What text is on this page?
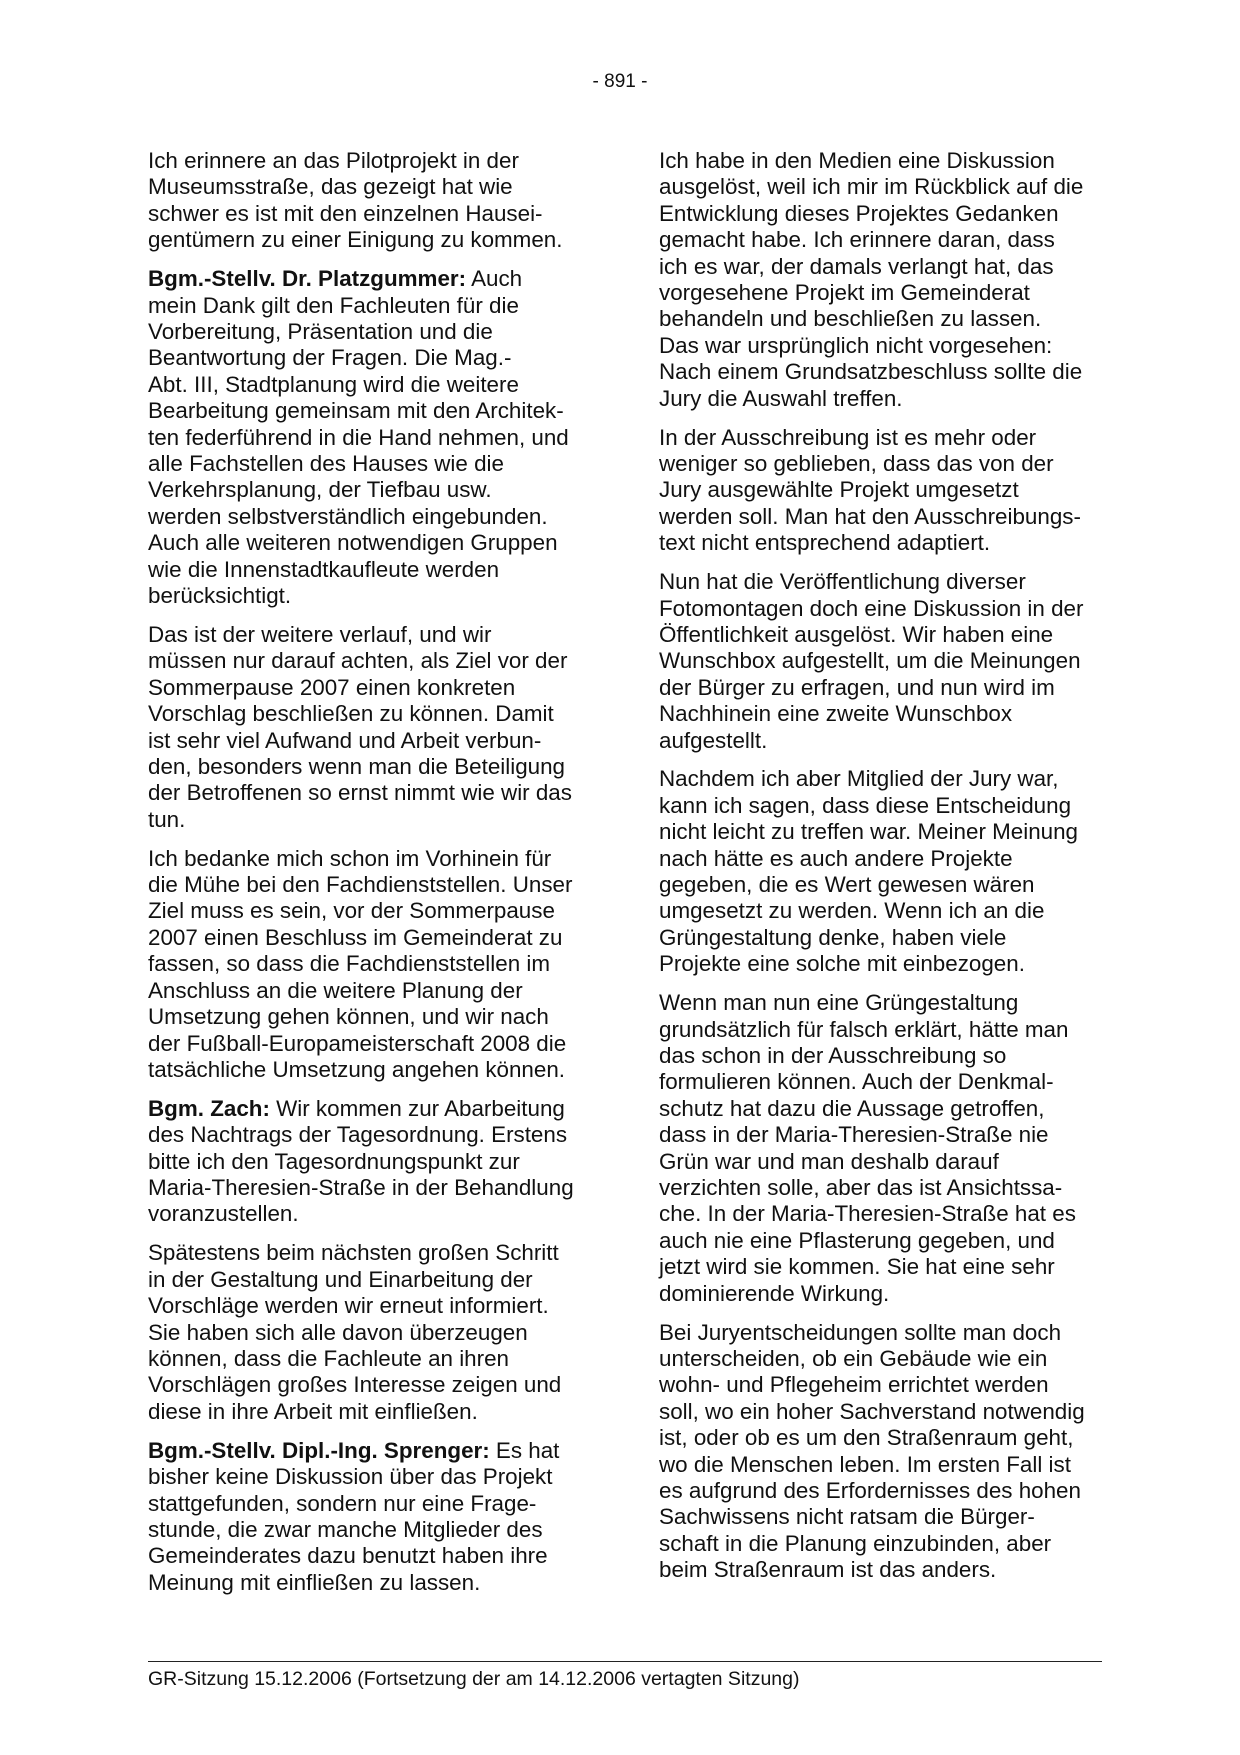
- 891 -
Ich erinnere an das Pilotprojekt in der
Museumsstraße, das gezeigt hat wie
schwer es ist mit den einzelnen Hausei-
gentümern zu einer Einigung zu kommen.
Bgm.-Stellv. Dr. Platzgummer: Auch
mein Dank gilt den Fachleuten für die
Vorbereitung, Präsentation und die
Beantwortung der Fragen. Die Mag.-
Abt. III, Stadtplanung wird die weitere
Bearbeitung gemeinsam mit den Architek-
ten federführend in die Hand nehmen, und
alle Fachstellen des Hauses wie die
Verkehrsplanung, der Tiefbau usw.
werden selbstverständlich eingebunden.
Auch alle weiteren notwendigen Gruppen
wie die Innenstadtkaufleute werden
berücksichtigt.
Das ist der weitere verlauf, und wir
müssen nur darauf achten, als Ziel vor der
Sommerpause 2007 einen konkreten
Vorschlag beschließen zu können. Damit
ist sehr viel Aufwand und Arbeit verbun-
den, besonders wenn man die Beteiligung
der Betroffenen so ernst nimmt wie wir das
tun.
Ich bedanke mich schon im Vorhinein für
die Mühe bei den Fachdienststellen. Unser
Ziel muss es sein, vor der Sommerpause
2007 einen Beschluss im Gemeinderat zu
fassen, so dass die Fachdienststellen im
Anschluss an die weitere Planung der
Umsetzung gehen können, und wir nach
der Fußball-Europameisterschaft 2008 die
tatsächliche Umsetzung angehen können.
Bgm. Zach: Wir kommen zur Abarbeitung
des Nachtrags der Tagesordnung. Erstens
bitte ich den Tagesordnungspunkt zur
Maria-Theresien-Straße in der Behandlung
voranzustellen.
Spätestens beim nächsten großen Schritt
in der Gestaltung und Einarbeitung der
Vorschläge werden wir erneut informiert.
Sie haben sich alle davon überzeugen
können, dass die Fachleute an ihren
Vorschlägen großes Interesse zeigen und
diese in ihre Arbeit mit einfließen.
Bgm.-Stellv. Dipl.-Ing. Sprenger: Es hat
bisher keine Diskussion über das Projekt
stattgefunden, sondern nur eine Frage-
stunde, die zwar manche Mitglieder des
Gemeinderates dazu benutzt haben ihre
Meinung mit einfließen zu lassen.
Ich habe in den Medien eine Diskussion
ausgelöst, weil ich mir im Rückblick auf die
Entwicklung dieses Projektes Gedanken
gemacht habe. Ich erinnere daran, dass
ich es war, der damals verlangt hat, das
vorgesehene Projekt im Gemeinderat
behandeln und beschließen zu lassen.
Das war ursprünglich nicht vorgesehen:
Nach einem Grundsatzbeschluss sollte die
Jury die Auswahl treffen.
In der Ausschreibung ist es mehr oder
weniger so geblieben, dass das von der
Jury ausgewählte Projekt umgesetzt
werden soll. Man hat den Ausschreibungs-
text nicht entsprechend adaptiert.
Nun hat die Veröffentlichung diverser
Fotomontagen doch eine Diskussion in der
Öffentlichkeit ausgelöst. Wir haben eine
Wunschbox aufgestellt, um die Meinungen
der Bürger zu erfragen, und nun wird im
Nachhinein eine zweite Wunschbox
aufgestellt.
Nachdem ich aber Mitglied der Jury war,
kann ich sagen, dass diese Entscheidung
nicht leicht zu treffen war. Meiner Meinung
nach hätte es auch andere Projekte
gegeben, die es Wert gewesen wären
umgesetzt zu werden. Wenn ich an die
Grüngestaltung denke, haben viele
Projekte eine solche mit einbezogen.
Wenn man nun eine Grüngestaltung
grundsätzlich für falsch erklärt, hätte man
das schon in der Ausschreibung so
formulieren können. Auch der Denkmal-
schutz hat dazu die Aussage getroffen,
dass in der Maria-Theresien-Straße nie
Grün war und man deshalb darauf
verzichten solle, aber das ist Ansichtssa-
che. In der Maria-Theresien-Straße hat es
auch nie eine Pflasterung gegeben, und
jetzt wird sie kommen. Sie hat eine sehr
dominierende Wirkung.
Bei Juryentscheidungen sollte man doch
unterscheiden, ob ein Gebäude wie ein
wohn- und Pflegeheim errichtet werden
soll, wo ein hoher Sachverstand notwendig
ist, oder ob es um den Straßenraum geht,
wo die Menschen leben. Im ersten Fall ist
es aufgrund des Erfordernisses des hohen
Sachwissens nicht ratsam die Bürger-
schaft in die Planung einzubinden, aber
beim Straßenraum ist das anders.
GR-Sitzung 15.12.2006 (Fortsetzung der am 14.12.2006 vertagten Sitzung)
